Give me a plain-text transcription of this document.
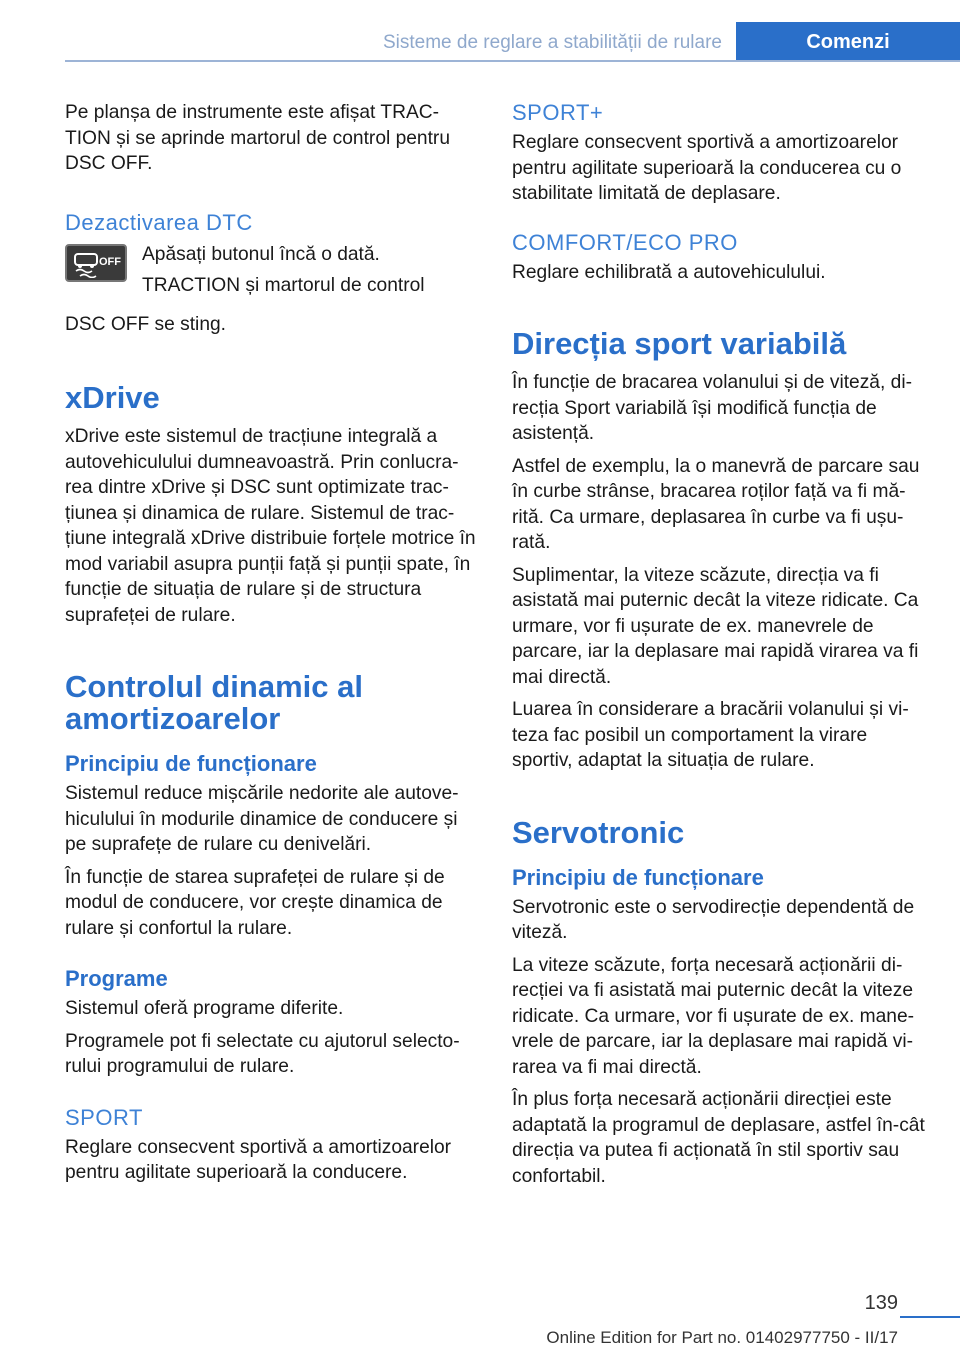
Sisteme de reglare a stabilității de rulare	Comenzi

Pe planșa de instrumente este afișat TRAC-TION și se aprinde martorul de control pentru DSC OFF.

Dezactivarea DTC
OFF	Apăsați butonul încă o dată.

TRACTION și martorul de control

DSC OFF se sting.

xDrive

xDrive este sistemul de tracțiune integrală a autovehiculului dumneavoastră. Prin conlucra-rea dintre xDrive și DSC sunt optimizate trac-țiunea și dinamica de rulare. Sistemul de trac-țiune integrală xDrive distribuie forțele motrice în mod variabil asupra punții față și punții spate, în funcție de situația de rulare și de structura suprafeței de rulare.

Controlul dinamic al amortizoarelor
Principiu de funcționare

Sistemul reduce mișcările nedorite ale autove-hiculului în modurile dinamice de conducere și pe suprafețe de rulare cu denivelări.

În funcție de starea suprafeței de rulare și de modul de conducere, vor crește dinamica de rulare și confortul la rulare.

Programe

Sistemul oferă programe diferite.

Programele pot fi selectate cu ajutorul selecto-rului programului de rulare.

SPORT

Reglare consecvent sportivă a amortizoarelor pentru agilitate superioară la conducere.

SPORT+

Reglare consecvent sportivă a amortizoarelor pentru agilitate superioară la conducerea cu o stabilitate limitată de deplasare.

COMFORT/ECO PRO

Reglare echilibrată a autovehiculului.

Direcția sport variabilă

În funcție de bracarea volanului și de viteză, di-recția Sport variabilă își modifică funcția de asistență.

Astfel de exemplu, la o manevră de parcare sau în curbe strânse, bracarea roților față va fi mă-rită. Ca urmare, deplasarea în curbe va fi ușu-rată.

Suplimentar, la viteze scăzute, direcția va fi asistată mai puternic decât la viteze ridicate. Ca urmare, vor fi ușurate de ex. manevrele de parcare, iar la deplasare mai rapidă virarea va fi mai directă.

Luarea în considerare a bracării volanului și vi-teza fac posibil un comportament la virare sportiv, adaptat la situația de rulare.

Servotronic
Principiu de funcționare

Servotronic este o servodirecție dependentă de viteză.

La viteze scăzute, forța necesară acționării di-recției va fi asistată mai puternic decât la viteze ridicate. Ca urmare, vor fi ușurate de ex. mane-vrele de parcare, iar la deplasare mai rapidă vi-rarea va fi mai directă.

În plus forța necesară acționării direcției este adaptată la programul de deplasare, astfel în-cât direcția va putea fi acționată în stil sportiv sau confortabil.

139
Online Edition for Part no. 01402977750 - II/17
